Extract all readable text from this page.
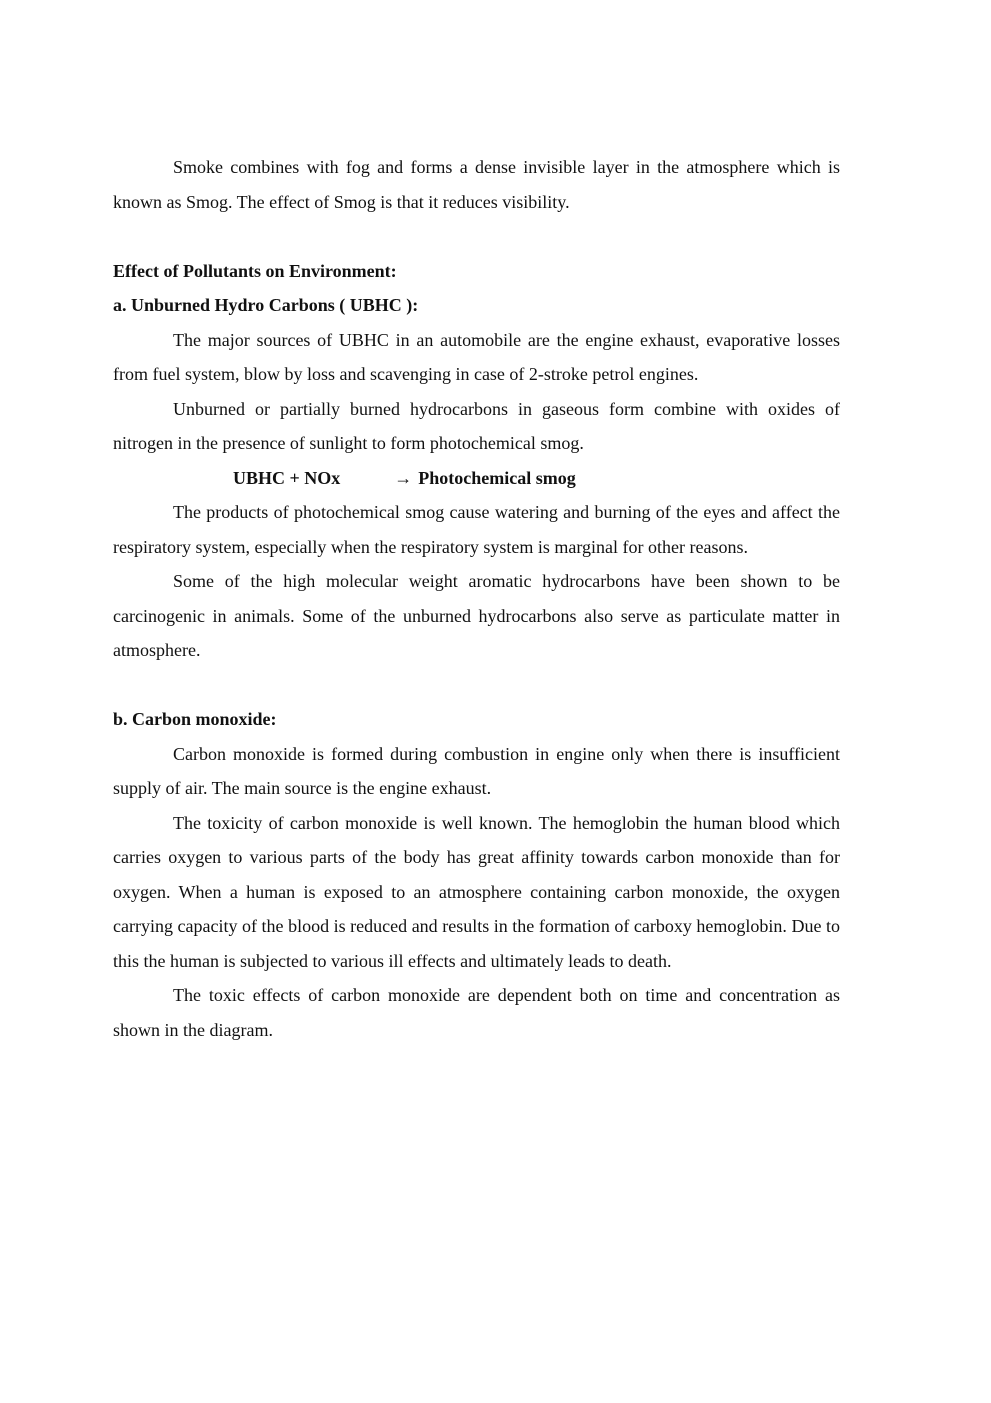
Smoke combines with fog and forms a dense invisible layer in the atmosphere which is known as Smog. The effect of Smog is that it reduces visibility.

Effect of Pollutants on Environment:
a. Unburned Hydro Carbons ( UBHC ):

The major sources of UBHC in an automobile are the engine exhaust, evaporative losses from fuel system, blow by loss and scavenging in case of 2-stroke petrol engines.

Unburned or partially burned hydrocarbons in gaseous form combine with oxides of nitrogen in the presence of sunlight to form photochemical smog.

UBHC + NOx	→ Photochemical smog

The products of photochemical smog cause watering and burning of the eyes and affect the respiratory system, especially when the respiratory system is marginal for other reasons.

Some of the high molecular weight aromatic hydrocarbons have been shown to be carcinogenic in animals. Some of the unburned hydrocarbons also serve as particulate matter in atmosphere.

b. Carbon monoxide:

Carbon monoxide is formed during combustion in engine only when there is insufficient supply of air. The main source is the engine exhaust.

The toxicity of carbon monoxide is well known. The hemoglobin the human blood which carries oxygen to various parts of the body has great affinity towards carbon monoxide than for oxygen. When a human is exposed to an atmosphere containing carbon monoxide, the oxygen carrying capacity of the blood is reduced and results in the formation of carboxy hemoglobin. Due to this the human is subjected to various ill effects and ultimately leads to death.

The toxic effects of carbon monoxide are dependent both on time and concentration as shown in the diagram.
